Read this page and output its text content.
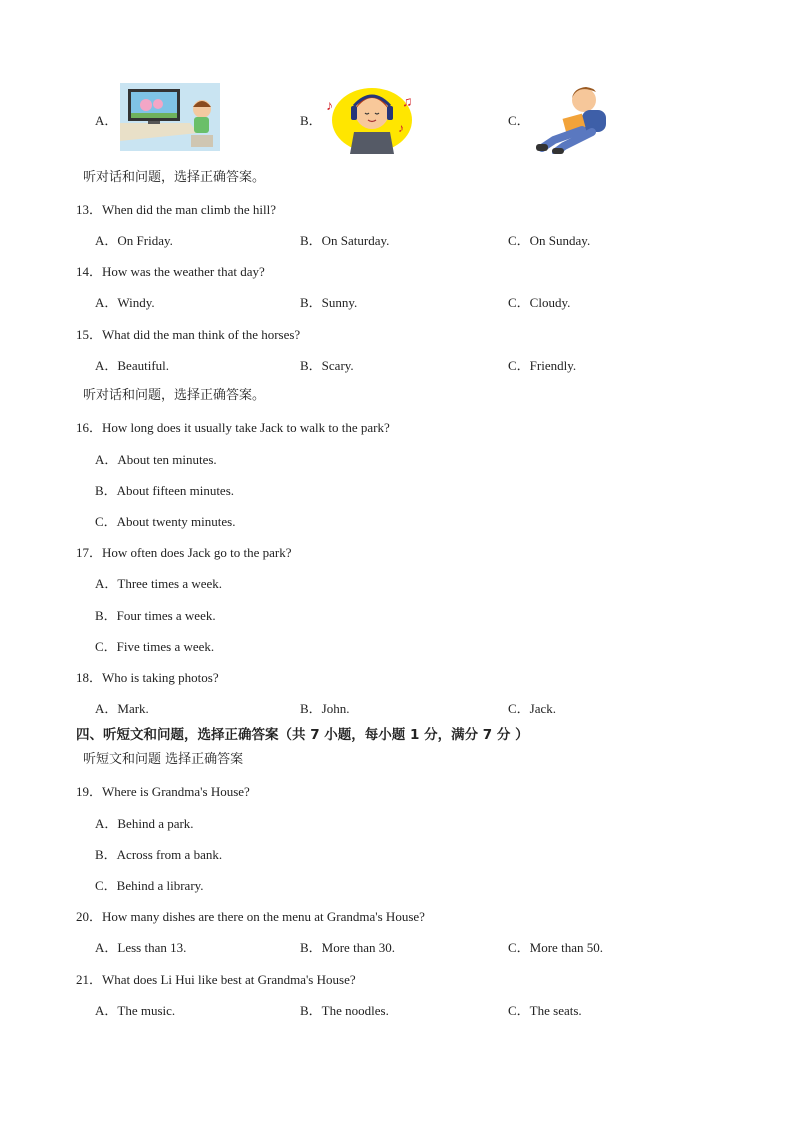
A．	B．
♪	♫
♪	C．
听对话和问题，选择正确答案。
13．When did the man climb the hill?
A．On Friday.	B．On Saturday.	C．On Sunday.
14．How was the weather that day?
A．Windy.	B．Sunny.	C．Cloudy.
15．What did the man think of the horses?
A．Beautiful.	B．Scary.	C．Friendly.
听对话和问题，选择正确答案。
16．How long does it usually take Jack to walk to the park?
A．About ten minutes.
B．About fifteen minutes.
C．About twenty minutes.
17．How often does Jack go to the park?
A．Three times a week.
B．Four times a week.
C．Five times a week.
18．Who is taking photos?
A．Mark.	B．John.	C．Jack.
四、听短文和问题，选择正确答案（共 7 小题，每小题 1 分，满分 7 分 ）
听短文和问题 选择正确答案
19．Where is Grandma's House?
A．Behind a park.
B．Across from a bank.
C．Behind a library.
20．How many dishes are there on the menu at Grandma's House?
A．Less than 13.	B．More than 30.	C．More than 50.
21．What does Li Hui like best at Grandma's House?
A．The music.	B．The noodles.	C．The seats.
